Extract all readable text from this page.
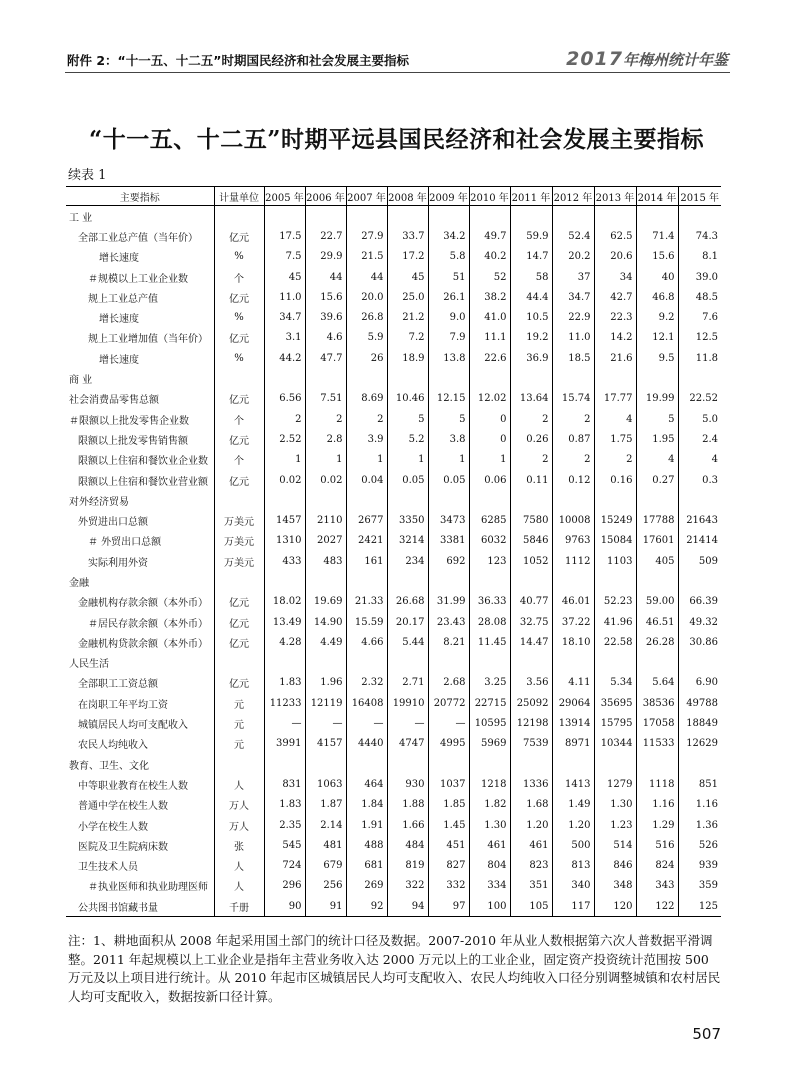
附件 2：“十一五、十二五”时期国民经济和社会发展主要指标	2017年梅州统计年鉴
“十一五、十二五”时期平远县国民经济和社会发展主要指标
续表 1
主要指标	计量单位	2005 年	2006 年	2007 年	2008 年	2009 年	2010 年	2011 年	2012 年	2013 年	2014 年	2015 年
工 业												
全部工业总产值（当年价）	亿元	17.5	22.7	27.9	33.7	34.2	49.7	59.9	52.4	62.5	71.4	74.3
增长速度	%	7.5	29.9	21.5	17.2	5.8	40.2	14.7	20.2	20.6	15.6	8.1
＃规模以上工业企业数	个	45	44	44	45	51	52	58	37	34	40	39.0
规上工业总产值	亿元	11.0	15.6	20.0	25.0	26.1	38.2	44.4	34.7	42.7	46.8	48.5
增长速度	%	34.7	39.6	26.8	21.2	9.0	41.0	10.5	22.9	22.3	9.2	7.6
规上工业增加值（当年价）	亿元	3.1	4.6	5.9	7.2	7.9	11.1	19.2	11.0	14.2	12.1	12.5
增长速度	%	44.2	47.7	26	18.9	13.8	22.6	36.9	18.5	21.6	9.5	11.8
商 业												
社会消费品零售总额	亿元	6.56	7.51	8.69	10.46	12.15	12.02	13.64	15.74	17.77	19.99	22.52
＃限额以上批发零售企业数	个	2	2	2	5	5	0	2	2	4	5	5.0
限额以上批发零售销售额	亿元	2.52	2.8	3.9	5.2	3.8	0	0.26	0.87	1.75	1.95	2.4
限额以上住宿和餐饮业企业数	个	1	1	1	1	1	1	2	2	2	4	4
限额以上住宿和餐饮业营业额	亿元	0.02	0.02	0.04	0.05	0.05	0.06	0.11	0.12	0.16	0.27	0.3
对外经济贸易												
外贸进出口总额	万美元	1457	2110	2677	3350	3473	6285	7580	10008	15249	17788	21643
＃ 外贸出口总额	万美元	1310	2027	2421	3214	3381	6032	5846	9763	15084	17601	21414
实际利用外资	万美元	433	483	161	234	692	123	1052	1112	1103	405	509
金融												
金融机构存款余额（本外币）	亿元	18.02	19.69	21.33	26.68	31.99	36.33	40.77	46.01	52.23	59.00	66.39
＃居民存款余额（本外币）	亿元	13.49	14.90	15.59	20.17	23.43	28.08	32.75	37.22	41.96	46.51	49.32
金融机构贷款余额（本外币）	亿元	4.28	4.49	4.66	5.44	8.21	11.45	14.47	18.10	22.58	26.28	30.86
人民生活												
全部职工工资总额	亿元	1.83	1.96	2.32	2.71	2.68	3.25	3.56	4.11	5.34	5.64	6.90
在岗职工年平均工资	元	11233	12119	16408	19910	20772	22715	25092	29064	35695	38536	49788
城镇居民人均可支配收入	元	—	—	—	—	—	10595	12198	13914	15795	17058	18849
农民人均纯收入	元	3991	4157	4440	4747	4995	5969	7539	8971	10344	11533	12629
教育、卫生、文化												
中等职业教育在校生人数	人	831	1063	464	930	1037	1218	1336	1413	1279	1118	851
普通中学在校生人数	万人	1.83	1.87	1.84	1.88	1.85	1.82	1.68	1.49	1.30	1.16	1.16
小学在校生人数	万人	2.35	2.14	1.91	1.66	1.45	1.30	1.20	1.20	1.23	1.29	1.36
医院及卫生院病床数	张	545	481	488	484	451	461	461	500	514	516	526
卫生技术人员	人	724	679	681	819	827	804	823	813	846	824	939
＃执业医师和执业助理医师	人	296	256	269	322	332	334	351	340	348	343	359
公共图书馆藏书量	千册	90	91	92	94	97	100	105	117	120	122	125
注：1、耕地面积从 2008 年起采用国土部门的统计口径及数据。2007-2010 年从业人数根据第六次人普数据平滑调整。2011 年起规模以上工业企业是指年主营业务收入达 2000 万元以上的工业企业，固定资产投资统计范围按 500 万元及以上项目进行统计。从 2010 年起市区城镇居民人均可支配收入、农民人均纯收入口径分别调整城镇和农村居民人均可支配收入，数据按新口径计算。
507
